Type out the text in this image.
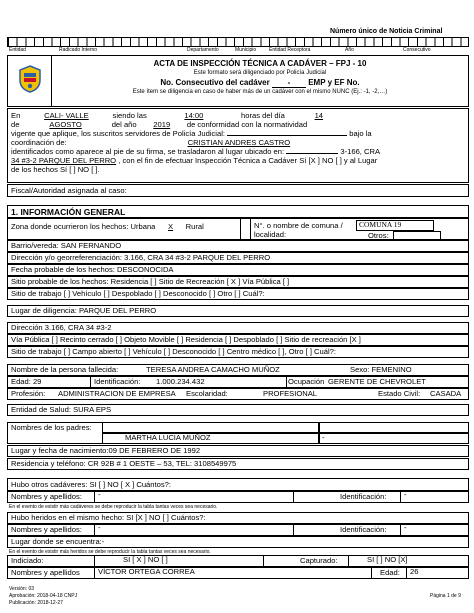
Número único de Noticia Criminal
Entidad	Radicado Interno	Departamento	Municipio	Entidad Receptora	Año	Consecutivo
ACTA DE INSPECCIÓN TÉCNICA A CADÁVER – FPJ - 10
Este formato será diligenciado por Policía Judicial
No. Consecutivo del cadáver - EMP y EF No.
Este ítem se diligencia en caso de haber más de un cadáver con el mismo NUNC (Ej.: -1, -2,…)
En	CALI- VALLE	siendo las	14:00	horas del día	14
de	AGOSTO	del año 2019 de conformidad con la normatividad
vigente que aplique, los suscritos servidores de Policía Judicial:	bajo la
coordinación de:	CRISTIAN ANDRES CASTRO
identificados como aparece al pie de su firma, se trasladaron al lugar ubicado en:	3-166, CRA
34 #3-2 PARQUE DEL PERRO , con el fin de efectuar Inspección Técnica a Cadáver Sí [X ] NO [ ] y al Lugar
de los hechos Sí [ ] NO [ ].
Fiscal/Autoridad asignada al caso:
1. INFORMACIÓN GENERAL
Zona donde ocurrieron los hechos: Urbana X Rural	N°. o nombre de comuna / localidad:
COMUNA 19
Otros:
Barrio/vereda: SAN FERNANDO
Dirección y/o georreferenciación: 3.166, CRA 34 #3-2 PARQUE DEL PERRO
Fecha probable de los hechos: DESCONOCIDA
Sitio probable de los hechos: Residencia [ ] Sitio de Recreación [ X ] Vía Pública [ ]
Sitio de trabajo [ ] Vehículo [ ] Despoblado [ ] Desconocido [ ] Otro [ ] Cuál?:
Lugar de diligencia: PARQUE DEL PERRO
Dirección 3.166, CRA 34 #3-2
Vía Pública [ ] Recinto cerrado [ ] Objeto Movible [ ] Residencia [ ] Despoblado [ ] Sitio de recreación [X ]
Sitio de trabajo [ ] Campo abierto [ ] Vehículo [ ] Desconocido [ ] Centro médico [ ], Otro [ ] Cuál?:
Nombre de la persona fallecida:	TERESA ANDREA CAMACHO MUÑOZ	Sexo: FEMENINO
Edad: 29	Identificación: 1.000.234.432	Ocupación GERENTE DE CHEVROLET
Profesión: ADMINISTRACION DE EMPRESA Escolaridad:	PROFESIONAL	Estado Civil: CASADA
Entidad de Salud: SURA EPS
Nombres de los padres:
MARTHA LUCIA MUÑOZ	-
Lugar y fecha de nacimiento:09 DE FEBRERO DE 1992
Residencia y teléfono: CR 92B # 1 OESTE – 53, TEL: 3108549975
Hubo otros cadáveres: SI [ ] NO [ X ] Cuántos?:
Nombres y apellidos:	-	Identificación:	-
En el evento de existir más cadáveres se debe reproducir la tabla tantas veces sea necesario.
Hubo heridos en el mismo hecho: SI [X ] NO [ ] Cuántos?:
Nombres y apellidos:	-	Identificación:	-
Lugar donde se encuentra:-
En el evento de existir más heridos se debe reproducir la tabla tantas veces sea necesario.
Indiciado:	SI [ X ] NO [ ]	Capturado:	SI [ ] NO [X]
Nombres y apellidos	VÍCTOR ORTEGA CORREA	Edad:	26
Versión: 03
Aprobación: 2018-04-18 CNPJ
Publicación: 2018-12-27
Página 1 de 9
